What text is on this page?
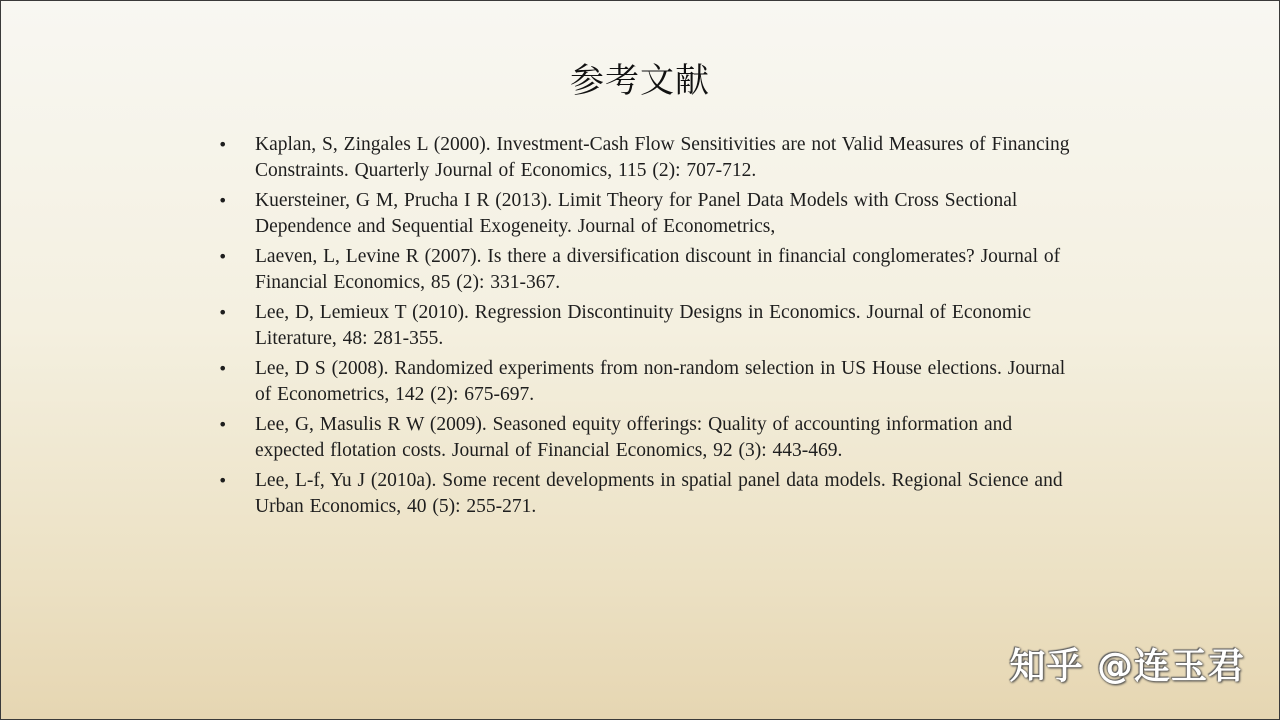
参考文献
• Kaplan, S, Zingales L (2000). Investment-Cash Flow Sensitivities are not Valid Measures of Financing Constraints. Quarterly Journal of Economics, 115 (2): 707-712.
• Kuersteiner, G M, Prucha I R (2013). Limit Theory for Panel Data Models with Cross Sectional Dependence and Sequential Exogeneity. Journal of Econometrics,
• Laeven, L, Levine R (2007). Is there a diversification discount in financial conglomerates? Journal of Financial Economics, 85 (2): 331-367.
• Lee, D, Lemieux T (2010). Regression Discontinuity Designs in Economics. Journal of Economic Literature, 48: 281-355.
• Lee, D S (2008). Randomized experiments from non-random selection in US House elections. Journal of Econometrics, 142 (2): 675-697.
• Lee, G, Masulis R W (2009). Seasoned equity offerings: Quality of accounting information and expected flotation costs. Journal of Financial Economics, 92 (3): 443-469.
• Lee, L-f, Yu J (2010a). Some recent developments in spatial panel data models. Regional Science and Urban Economics, 40 (5): 255-271.
知乎 @连玉君
